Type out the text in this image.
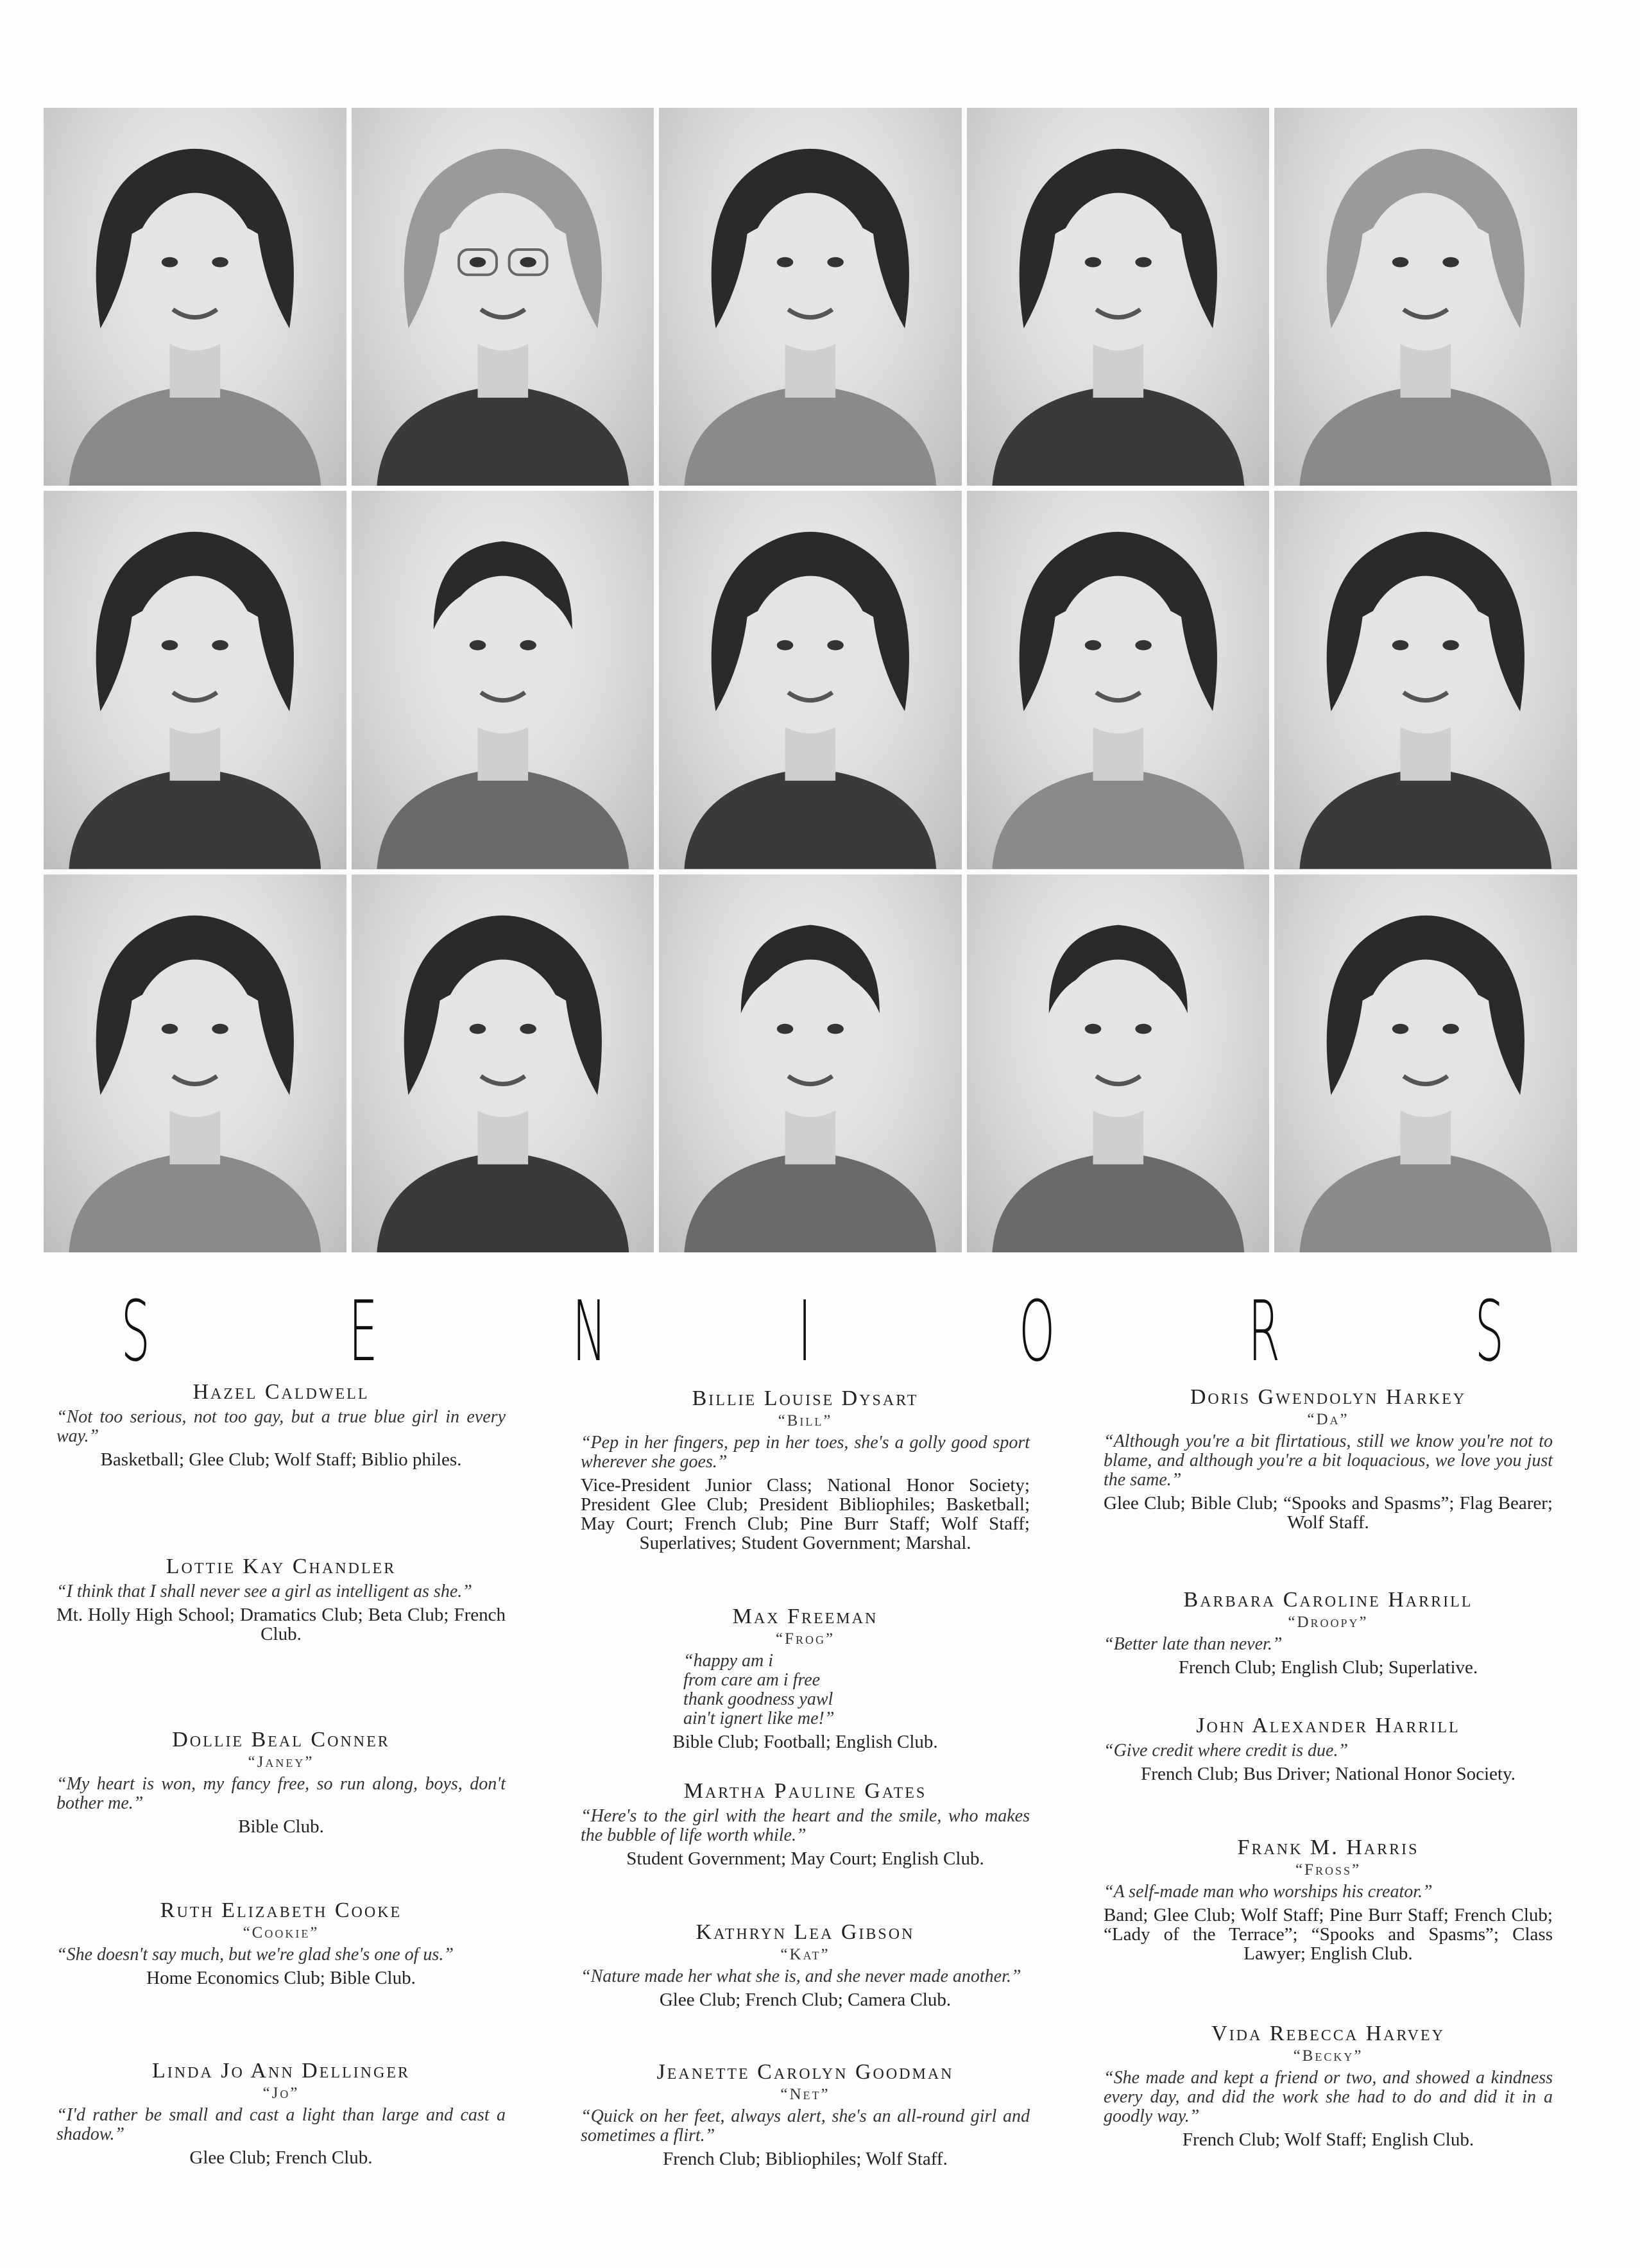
S E N I O R S
Hazel Caldwell
“Not too serious, not too gay, but a true blue girl in every way.”
Basketball; Glee Club; Wolf Staff; Biblio philes.
Lottie Kay Chandler
“I think that I shall never see a girl as intelligent as she.”
Mt. Holly High School; Dramatics Club; Beta Club; French Club.
Dollie Beal Conner
“Janey”
“My heart is won, my fancy free, so run along, boys, don't bother me.”
Bible Club.
Ruth Elizabeth Cooke
“Cookie”
“She doesn't say much, but we're glad she's one of us.”
Home Economics Club; Bible Club.
Linda Jo Ann Dellinger
“Jo”
“I'd rather be small and cast a light than large and cast a shadow.”
Glee Club; French Club.
Billie Louise Dysart
“Bill”
“Pep in her fingers, pep in her toes, she's a golly good sport wherever she goes.”
Vice-President Junior Class; National Honor Society; President Glee Club; President Bibliophiles; Basketball; May Court; French Club; Pine Burr Staff; Wolf Staff; Superlatives; Student Government; Marshal.
Max Freeman
“Frog”
“happy am i
from care am i free
thank goodness yawl
ain't ignert like me!”
Bible Club; Football; English Club.
Martha Pauline Gates
“Here's to the girl with the heart and the smile, who makes the bubble of life worth while.”
Student Government; May Court; English Club.
Kathryn Lea Gibson
“Kat”
“Nature made her what she is, and she never made another.”
Glee Club; French Club; Camera Club.
Jeanette Carolyn Goodman
“Net”
“Quick on her feet, always alert, she's an all-round girl and sometimes a flirt.”
French Club; Bibliophiles; Wolf Staff.
Doris Gwendolyn Harkey
“Da”
“Although you're a bit flirtatious, still we know you're not to blame, and although you're a bit loquacious, we love you just the same.”
Glee Club; Bible Club; “Spooks and Spasms”; Flag Bearer; Wolf Staff.
Barbara Caroline Harrill
“Droopy”
“Better late than never.”
French Club; English Club; Superlative.
John Alexander Harrill
“Give credit where credit is due.”
French Club; Bus Driver; National Honor Society.
Frank M. Harris
“Fross”
“A self-made man who worships his creator.”
Band; Glee Club; Wolf Staff; Pine Burr Staff; French Club; “Lady of the Terrace”; “Spooks and Spasms”; Class Lawyer; English Club.
Vida Rebecca Harvey
“Becky”
“She made and kept a friend or two, and showed a kindness every day, and did the work she had to do and did it in a goodly way.”
French Club; Wolf Staff; English Club.
